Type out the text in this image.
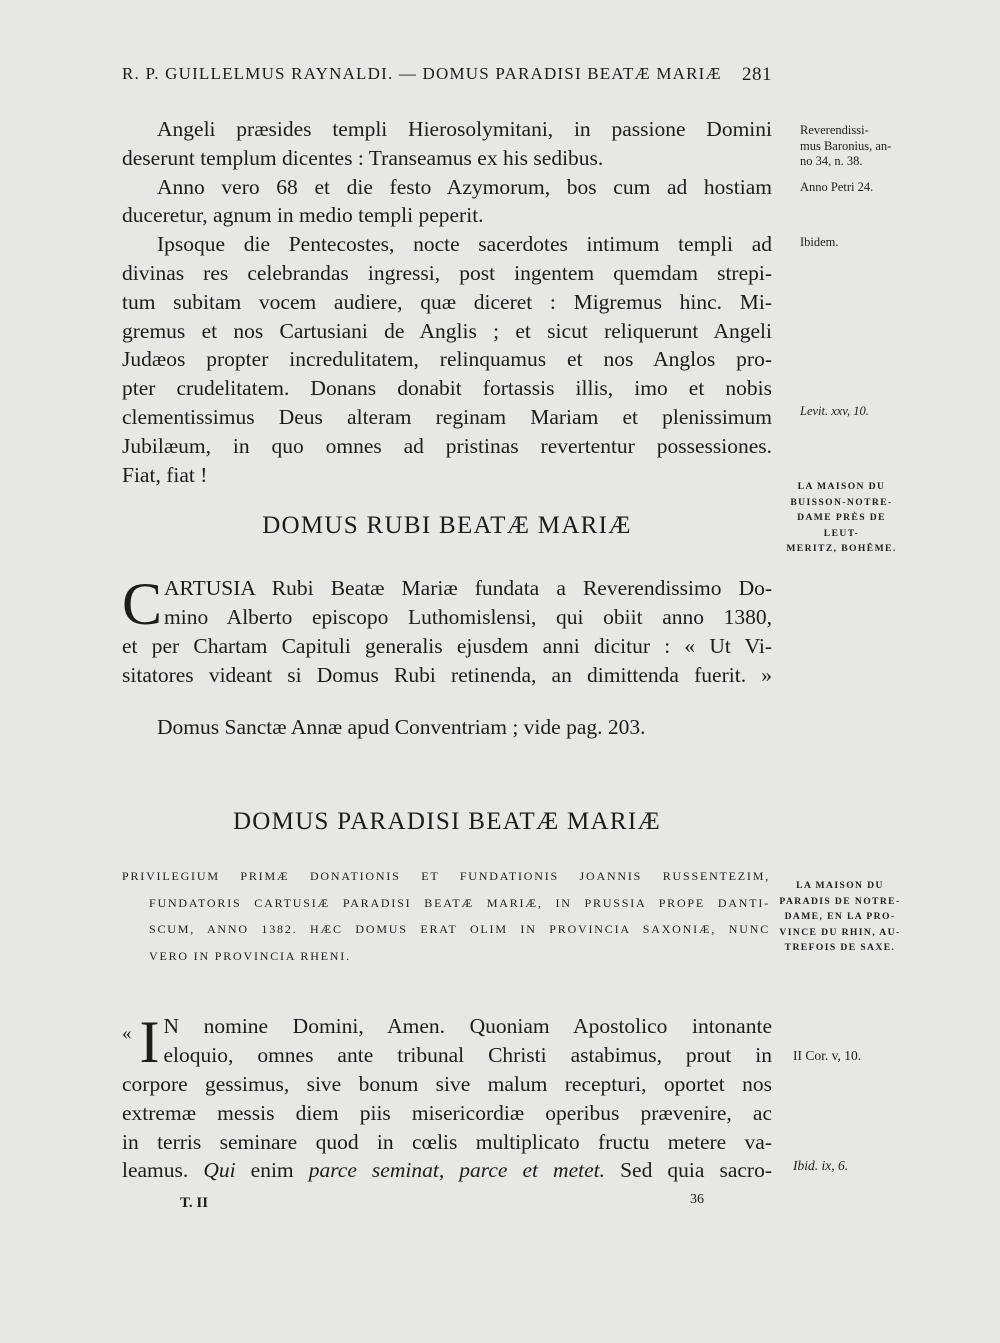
R. P. GUILLELMUS RAYNALDI. — DOMUS PARADISI BEATÆ MARIÆ 281
Angeli præsides templi Hierosolymitani, in passione Domini
deserunt templum dicentes : Transeamus ex his sedibus.
Anno vero 68 et die festo Azymorum, bos cum ad hostiam
duceretur, agnum in medio templi peperit.
Ipsoque die Pentecostes, nocte sacerdotes intimum templi ad
divinas res celebrandas ingressi, post ingentem quemdam strepi-
tum subitam vocem audiere, quæ diceret : Migremus hinc. Mi-
gremus et nos Cartusiani de Anglis ; et sicut reliquerunt Angeli
Judæos propter incredulitatem, relinquamus et nos Anglos pro-
pter crudelitatem. Donans donabit fortassis illis, imo et nobis
clementissimus Deus alteram reginam Mariam et plenissimum
Jubilæum, in quo omnes ad pristinas revertentur possessiones.
Fiat, fiat !
Reverendissi-
mus Baronius, an-
no 34, n. 38.
Anno Petri 24.
Ibidem.
Levit. xxv, 10.
LA MAISON DU
BUISSON-NOTRE-
DAME PRÈS DE LEUT-
MERITZ, BOHÊME.
DOMUS RUBI BEATÆ MARIÆ
C ARTUSIA Rubi Beatæ Mariæ fundata a Reverendissimo Do-
mino Alberto episcopo Luthomislensi, qui obiit anno 1380,
et per Chartam Capituli generalis ejusdem anni dicitur : « Ut Vi-
sitatores videant si Domus Rubi retinenda, an dimittenda fuerit. »
Domus Sanctæ Annæ apud Conventriam ; vide pag. 203.
DOMUS PARADISI BEATÆ MARIÆ
PRIVILEGIUM PRIMÆ DONATIONIS ET FUNDATIONIS JOANNIS RUSSENTEZIM,
FUNDATORIS CARTUSIÆ PARADISI BEATÆ MARIÆ, IN PRUSSIA PROPE DANTI-
SCUM, ANNO 1382. HÆC DOMUS ERAT OLIM IN PROVINCIA SAXONIÆ, NUNC
VERO IN PROVINCIA RHENI.
LA MAISON DU
PARADIS DE NOTRE-
DAME, EN LA PRO-
VINCE DU RHIN, AU-
TREFOIS DE SAXE.
« I N nomine Domini, Amen. Quoniam Apostolico intonante
eloquio, omnes ante tribunal Christi astabimus, prout in
corpore gessimus, sive bonum sive malum recepturi, oportet nos
extremæ messis diem piis misericordiæ operibus prævenire, ac
in terris seminare quod in cœlis multiplicato fructu metere va-
leamus. Qui enim parce seminat, parce et metet. Sed quia sacro-
II Cor. v, 10.
Ibid. ix, 6.
T. II	36
